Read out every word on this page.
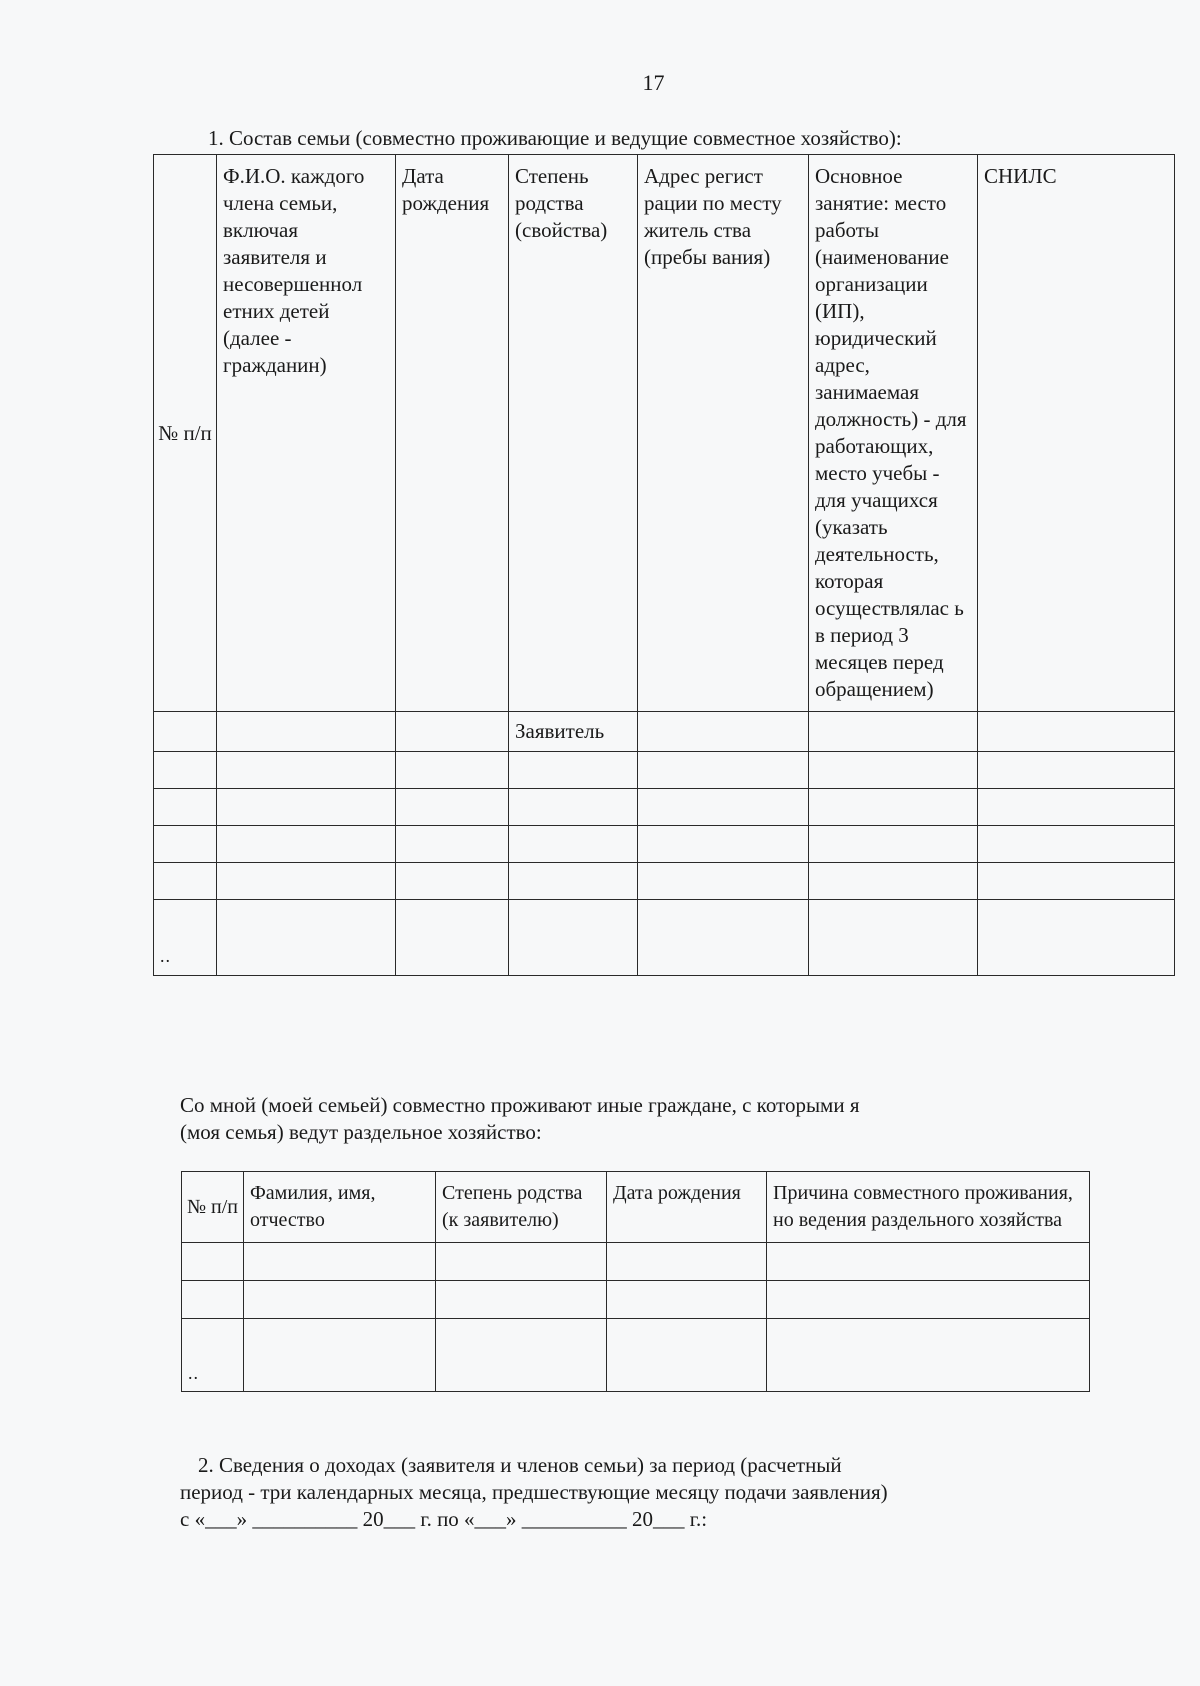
17
1. Состав семьи (совместно проживающие и ведущие совместное хозяйство):
№ п/п	Ф.И.О. каждого члена семьи, включая заявителя и несовершеннол етних детей (далее - гражданин)	Дата рождения	Степень родства (свойства)	Адрес регист рации по месту житель ства (пребы вания)	Основное занятие: место работы (наименование организации (ИП), юридический адрес, занимаемая должность) - для работающих, место учебы - для учащихся (указать деятельность, которая осуществлялас ь в период 3 месяцев перед обращением)	СНИЛС
			Заявитель			

..						
Со мной (моей семьей) совместно проживают иные граждане, с которыми я
(моя семья) ведут раздельное хозяйство:
№ п/п	Фамилия, имя, отчество	Степень родства (к заявителю)	Дата рождения	Причина совместного проживания, но ведения раздельного хозяйства

..				
2. Сведения о доходах (заявителя и членов семьи) за период (расчетный
период - три календарных месяца, предшествующие месяцу подачи заявления)
с «___» __________ 20___ г. по «___» __________ 20___ г.:
